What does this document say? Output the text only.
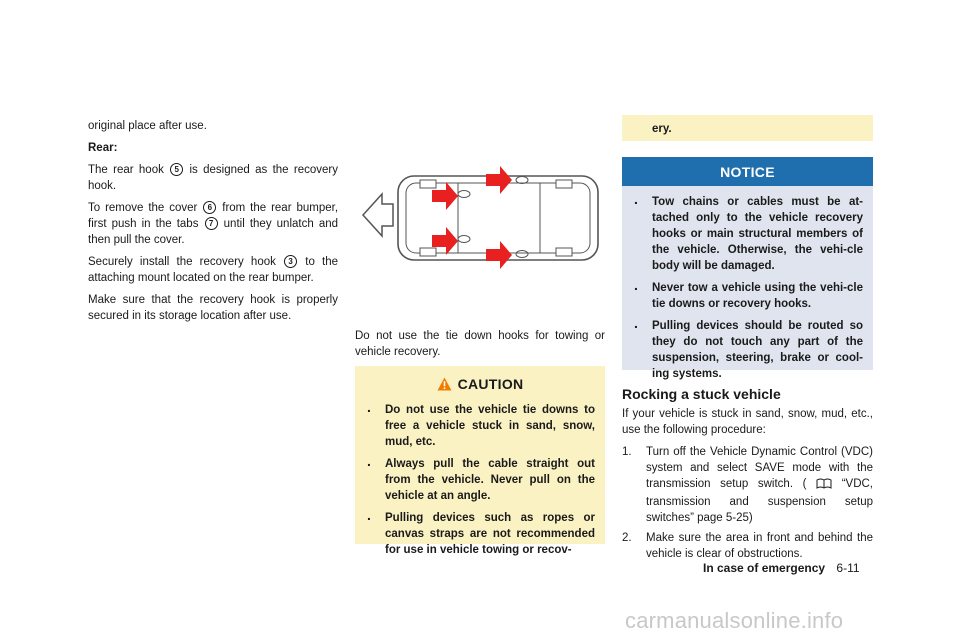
original place after use.

Rear:

The rear hook 5 is designed as the recovery hook.

To remove the cover 6 from the rear bumper, first push in the tabs 7 until they unlatch and then pull the cover.

Securely install the recovery hook 3 to the attaching mount located on the rear bumper.

Make sure that the recovery hook is properly secured in its storage location after use.

Do not use the tie down hooks for towing or vehicle recovery.

CAUTION
. Do not use the vehicle tie downs to free a vehicle stuck in sand, snow, mud, etc.
. Always pull the cable straight out from the vehicle. Never pull on the vehicle at an angle.
. Pulling devices such as ropes or canvas straps are not recommended for use in vehicle towing or recov-
ery.
NOTICE
. Tow chains or cables must be at-tached only to the vehicle recovery hooks or main structural members of the vehicle. Otherwise, the vehi-cle body will be damaged.
. Never tow a vehicle using the vehi-cle tie downs or recovery hooks.
. Pulling devices should be routed so they do not touch any part of the suspension, steering, brake or cool-ing systems.
Rocking a stuck vehicle

If your vehicle is stuck in sand, snow, mud, etc., use the following procedure:

1. Turn off the Vehicle Dynamic Control (VDC) system and select SAVE mode with the transmission setup switch. (	“VDC, transmission and suspension setup switches” page 5-25)
2. Make sure the area in front and behind the vehicle is clear of obstructions.
In case of emergency 6-11
carmanualsonline.info
